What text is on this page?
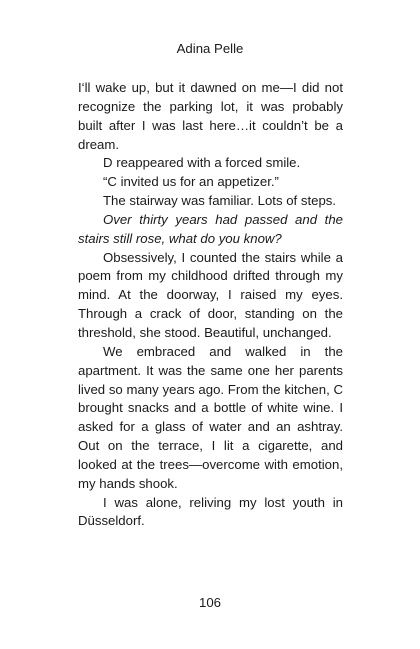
Adina Pelle

I‘ll wake up, but it dawned on me—I did not recognize the parking lot, it was probably built after I was last here…it couldn’t be a dream.

D reappeared with a forced smile.

“C invited us for an appetizer.”

The stairway was familiar. Lots of steps.

Over thirty years had passed and the stairs still rose, what do you know?

Obsessively, I counted the stairs while a poem from my childhood drifted through my mind. At the doorway, I raised my eyes. Through a crack of door, standing on the threshold, she stood. Beautiful, unchanged.

We embraced and walked in the apartment. It was the same one her parents lived so many years ago. From the kitchen, C brought snacks and a bottle of white wine. I asked for a glass of water and an ashtray. Out on the terrace, I lit a cigarette, and looked at the trees—overcome with emotion, my hands shook.

I was alone, reliving my lost youth in Düsseldorf.

106
